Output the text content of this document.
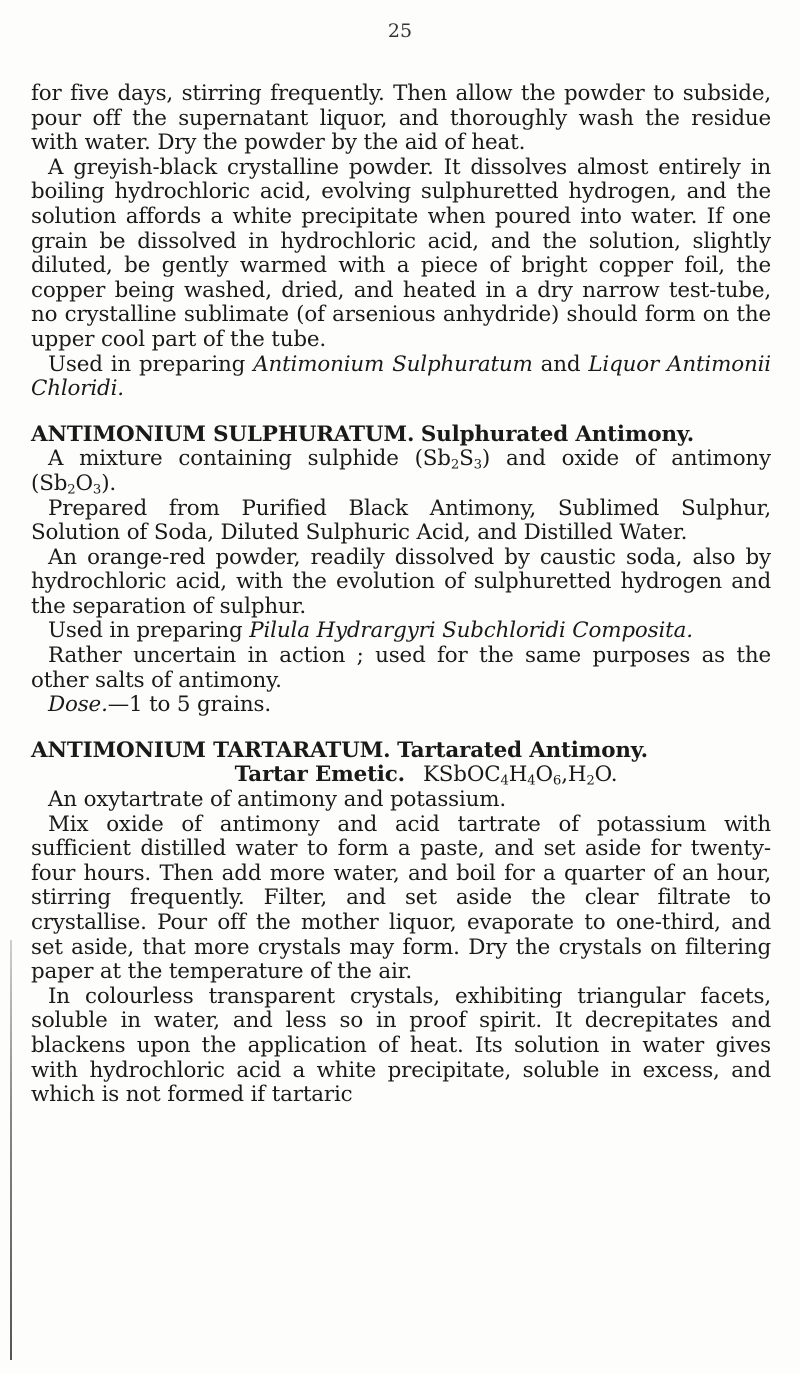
25

for five days, stirring frequently. Then allow the powder to subside, pour off the supernatant liquor, and thoroughly wash the residue with water. Dry the powder by the aid of heat.

A greyish-black crystalline powder. It dissolves almost entirely in boiling hydrochloric acid, evolving sulphuretted hydrogen, and the solution affords a white precipitate when poured into water. If one grain be dissolved in hydrochloric acid, and the solution, slightly diluted, be gently warmed with a piece of bright copper foil, the copper being washed, dried, and heated in a dry narrow test-tube, no crystalline sublimate (of arsenious anhydride) should form on the upper cool part of the tube.

Used in preparing Antimonium Sulphuratum and Liquor Antimonii Chloridi.

ANTIMONIUM SULPHURATUM. Sulphurated Antimony.

A mixture containing sulphide $(Sb_2S_3)$ and oxide of antimony $(Sb_2O_3)$.

Prepared from Purified Black Antimony, Sublimed Sulphur, Solution of Soda, Diluted Sulphuric Acid, and Distilled Water.

An orange-red powder, readily dissolved by caustic soda, also by hydrochloric acid, with the evolution of sulphuretted hydrogen and the separation of sulphur.

Used in preparing Pilula Hydrargyri Subchloridi Composita.

Rather uncertain in action ; used for the same purposes as the other salts of antimony.

Dose.—1 to 5 grains.

ANTIMONIUM TARTARATUM. Tartarated Antimony.

Tartar Emetic. $KSbOC_4H_4O_6,H_2O$.

An oxytartrate of antimony and potassium.

Mix oxide of antimony and acid tartrate of potassium with sufficient distilled water to form a paste, and set aside for twenty-four hours. Then add more water, and boil for a quarter of an hour, stirring frequently. Filter, and set aside the clear filtrate to crystallise. Pour off the mother liquor, evaporate to one-third, and set aside, that more crystals may form. Dry the crystals on filtering paper at the temperature of the air.

In colourless transparent crystals, exhibiting triangular facets, soluble in water, and less so in proof spirit. It decrepitates and blackens upon the application of heat. Its solution in water gives with hydrochloric acid a white precipitate, soluble in excess, and which is not formed if tartaric
